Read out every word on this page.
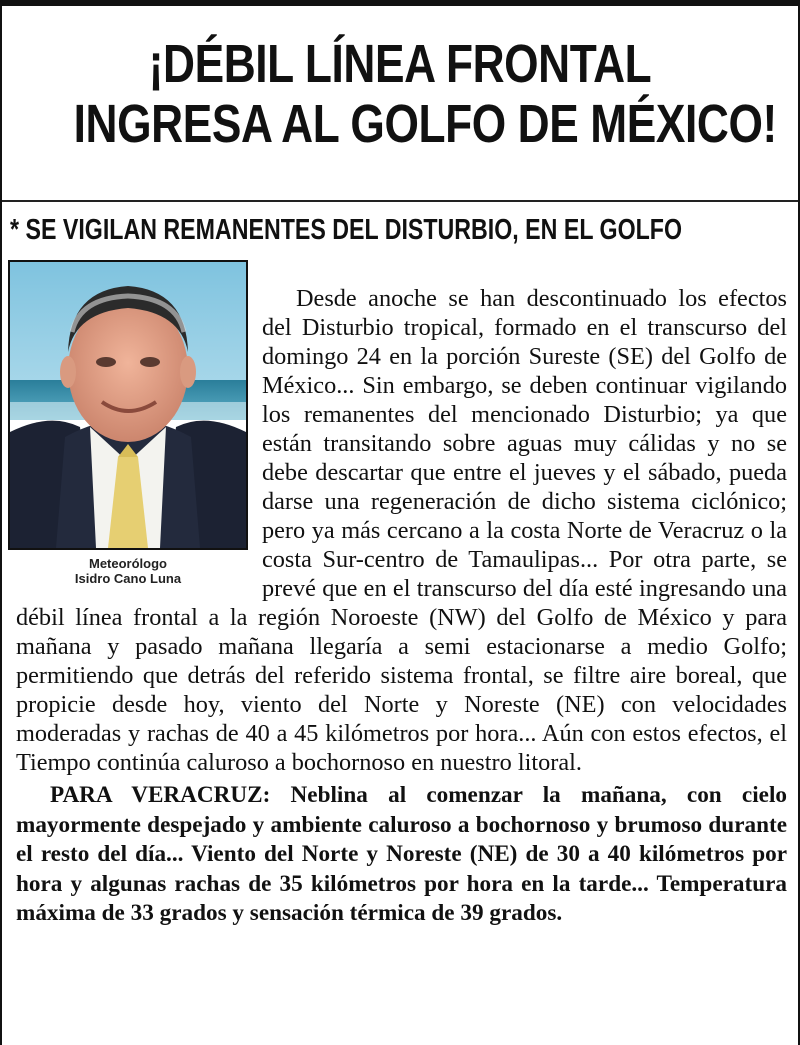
¡DÉBIL LÍNEA FRONTAL
INGRESA AL GOLFO DE MÉXICO!
* SE VIGILAN REMANENTES DEL DISTURBIO, EN EL GOLFO
Meteorólogo
Isidro Cano Luna

Desde anoche se han descontinuado los efectos del Disturbio tropical, formado en el transcurso del domingo 24 en la porción Sureste (SE) del Golfo de México... Sin embargo, se deben continuar vigilando los remanentes del mencionado Disturbio; ya que están transitando sobre aguas muy cálidas y no se debe descartar que entre el jueves y el sábado, pueda darse una regeneración de dicho sistema ciclónico; pero ya más cercano a la costa Norte de Veracruz o la costa Sur-centro de Tamaulipas... Por otra parte, se prevé que en el transcurso del día esté ingresando una débil línea frontal a la región Noroeste (NW) del Golfo de México y para mañana y pasado mañana llegaría a semi estacionarse a medio Golfo; permitiendo que detrás del referido sistema frontal, se filtre aire boreal, que propicie desde hoy, viento del Norte y Noreste (NE) con velocidades moderadas y rachas de 40 a 45 kilómetros por hora... Aún con estos efectos, el Tiempo continúa caluroso a bochornoso en nuestro litoral.

PARA VERACRUZ: Neblina al comenzar la mañana, con cielo mayormente despejado y ambiente caluroso a bochornoso y brumoso durante el resto del día... Viento del Norte y Noreste (NE) de 30 a 40 kilómetros por hora y algunas rachas de 35 kilómetros por hora en la tarde... Temperatura máxima de 33 grados y sensación térmica de 39 grados.
